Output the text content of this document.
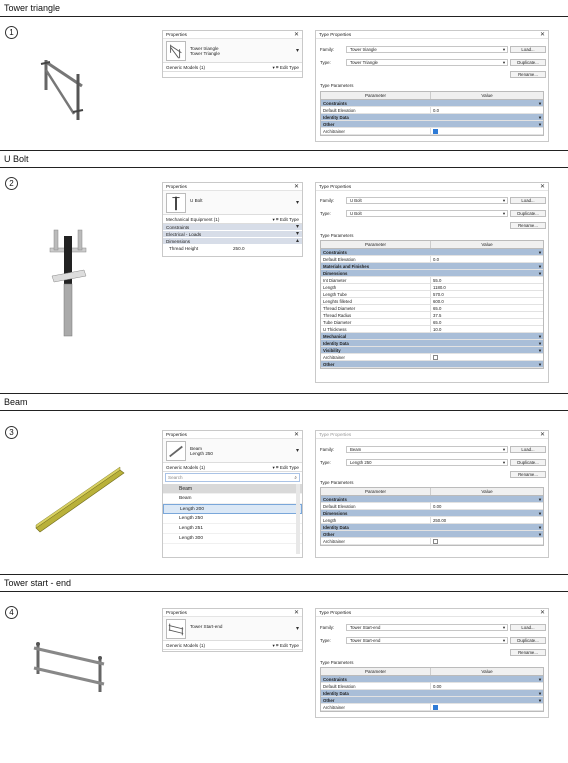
Tower triangle
1	Properties	✕
Tower triangle
Tower Triangle	▾
Generic Models (1)	▾ ⌗ Edit Type
Type Properties	✕
Family:	Tower triangle	▾	Load...
Type:	Tower Triangle	▾	Duplicate...
Rename...
Type Parameters
Parameter	Value
Constraints	▾
Default Elevation	0.0
Identity Data	▾
Other	▾
Architrainer
U Bolt
2	Properties	✕
U Bolt	▾
Mechanical Equipment (1)	▾ ⌗ Edit Type
Constraints	▾
Electrical - Loads	▾
Dimensions	▴
Thread Height	250.0
Type Properties	✕
Family:	U Bolt	▾	Load...
Type:	U Bolt	▾	Duplicate...
Rename...
Type Parameters
Parameter	Value
Constraints	▾
Default Elevation	0.0
Materials and Finishes	▾
Dimensions	▾
Int Diameter	55.0
Length	1180.0
Length Tube	570.0
Lenghts filleted	600.0
Thread Diameter	65.0
Thread Radius	37.5
Tube Diameter	65.0
U Thickness	10.0
Mechanical	▾
Identity Data	▾
Visibility	▾
Architrainer
Other	▾
Beam
3	Properties	✕
Beam
Length 250	▾
Generic Models (1)	▾ ⌗ Edit Type
Search	⌕
Beam
Beam
Length 200
Length 250
Length 251
Length 300
Type Properties	✕
Family:	Beam	▾	Load...
Type:	Length 250	▾	Duplicate...
Rename...
Type Parameters
Parameter	Value
Constraints	▾
Default Elevation	0.00
Dimensions	▾
Length	250.00
Identity Data	▾
Other	▾
Architrainer
Tower start - end
4	Properties	✕
Tower Start-end	▾
Generic Models (1)	▾ ⌗ Edit Type
Type Properties	✕
Family:	Tower Start-end	▾	Load...
Type:	Tower Start-end	▾	Duplicate...
Rename...
Type Parameters
Parameter	Value
Constraints	▾
Default Elevation	0.00
Identity Data	▾
Other	▾
Architrainer
